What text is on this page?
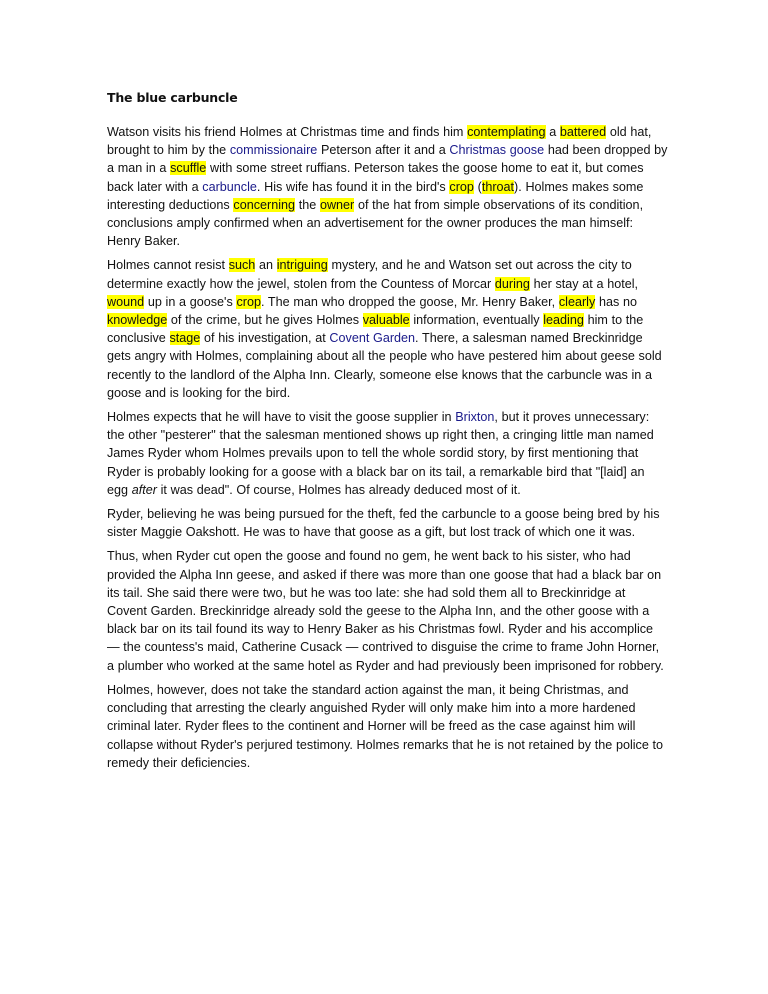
The blue carbuncle

Watson visits his friend Holmes at Christmas time and finds him contemplating a battered old hat, brought to him by the commissionaire Peterson after it and a Christmas goose had been dropped by a man in a scuffle with some street ruffians. Peterson takes the goose home to eat it, but comes back later with a carbuncle. His wife has found it in the bird's crop (throat). Holmes makes some interesting deductions concerning the owner of the hat from simple observations of its condition, conclusions amply confirmed when an advertisement for the owner produces the man himself: Henry Baker.

Holmes cannot resist such an intriguing mystery, and he and Watson set out across the city to determine exactly how the jewel, stolen from the Countess of Morcar during her stay at a hotel, wound up in a goose's crop. The man who dropped the goose, Mr. Henry Baker, clearly has no knowledge of the crime, but he gives Holmes valuable information, eventually leading him to the conclusive stage of his investigation, at Covent Garden. There, a salesman named Breckinridge gets angry with Holmes, complaining about all the people who have pestered him about geese sold recently to the landlord of the Alpha Inn. Clearly, someone else knows that the carbuncle was in a goose and is looking for the bird.

Holmes expects that he will have to visit the goose supplier in Brixton, but it proves unnecessary: the other "pesterer" that the salesman mentioned shows up right then, a cringing little man named James Ryder whom Holmes prevails upon to tell the whole sordid story, by first mentioning that Ryder is probably looking for a goose with a black bar on its tail, a remarkable bird that "[laid] an egg after it was dead". Of course, Holmes has already deduced most of it.

Ryder, believing he was being pursued for the theft, fed the carbuncle to a goose being bred by his sister Maggie Oakshott. He was to have that goose as a gift, but lost track of which one it was.

Thus, when Ryder cut open the goose and found no gem, he went back to his sister, who had provided the Alpha Inn geese, and asked if there was more than one goose that had a black bar on its tail. She said there were two, but he was too late: she had sold them all to Breckinridge at Covent Garden. Breckinridge already sold the geese to the Alpha Inn, and the other goose with a black bar on its tail found its way to Henry Baker as his Christmas fowl. Ryder and his accomplice — the countess's maid, Catherine Cusack — contrived to disguise the crime to frame John Horner, a plumber who worked at the same hotel as Ryder and had previously been imprisoned for robbery.

Holmes, however, does not take the standard action against the man, it being Christmas, and concluding that arresting the clearly anguished Ryder will only make him into a more hardened criminal later. Ryder flees to the continent and Horner will be freed as the case against him will collapse without Ryder's perjured testimony. Holmes remarks that he is not retained by the police to remedy their deficiencies.
